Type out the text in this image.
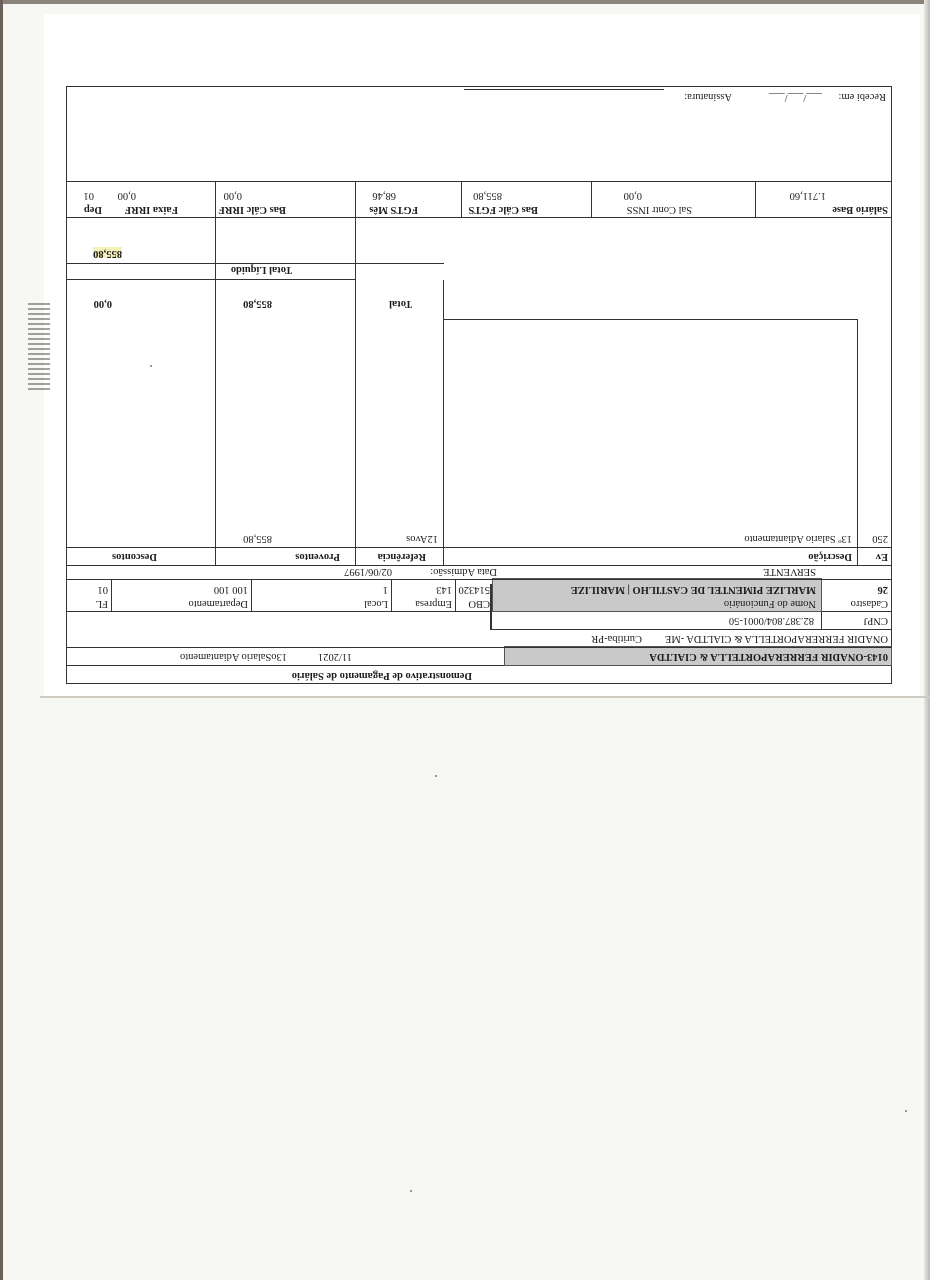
Demonstrativo de Pagamento de Salário
0143-ONADIR FERRERAPORTELLA & CIALTDA
11/2021
13oSalario Adiantamento
ONADIR FERRERAPORTELLA & CIALTDA -ME
Curitiba-PR
CNPJ
82.387.804/0001-50
Cadastro
26
Nome do Funcionário
MARLIZE PIMENTEL DE CASTILHO | MARILIZE
CBO
514320
Empresa
143
Local
1
Departamento
100 100
FL
01
SERVENTE
Data Admissão:
02/06/1997
Ev
Descrição
Referência
Proventos
Descontos
250
13º Salario Adiantamento
12Avos
855,80
Total
855,80
0,00
Total Líquido
855,80
Salário Base
1.711,60
Sal Contr INSS
0,00
Bas Cálc FGTS
855,80
FGTS Mês
68,46
Bas Cálc IRRF
0,00
Faixa IRRF
0,00
Dep
01
Recebi em:
___/___/___
Assinatura:
